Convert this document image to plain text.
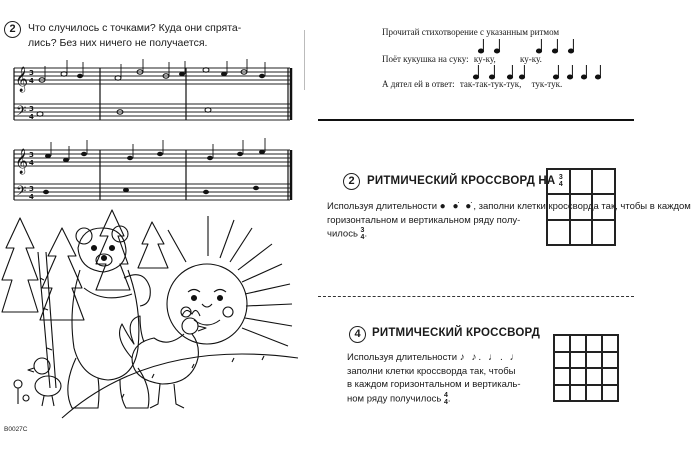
2	Что случилось с точками? Куда они спрята-
лись? Без них ничего не получается.
𝄞
𝄞
𝄢
𝄢
3
4
3
4
3
4
3
4
B0027C
Прочитай стихотворение с указанным ритмом
Поёт кукушка на суку: ку-ку,	ку-ку.
А дятел ей в ответ: так-так-тук-тук, тук-тук.
2	РИТМИЧЕСКИЙ КРОССВОРД НА 3
4
Используя длительности ● ●̇ ●̇, заполни клетки кроссворда так, чтобы в каждом
горизонтальном и вертикальном ряду полу-
чилось 3
4 .
4 РИТМИЧЕСКИЙ КРОССВОРД
Используя длительности ♪ ♪. ♩. ♩
заполни клетки кроссворда так, чтобы
в каждом горизонтальном и вертикаль-
ном ряду получилось 4
4 .
